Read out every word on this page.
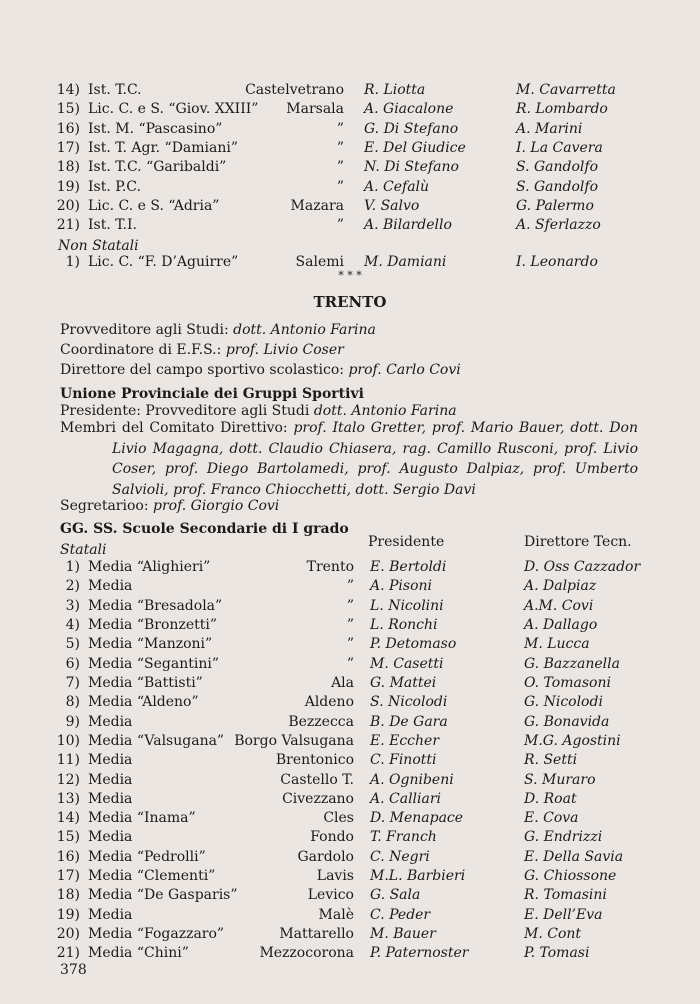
14) Ist. T.C.	Castelvetrano R. Liotta	M. Cavarretta
15) Lic. C. e S. “Giov. XXIII”	Marsala A. Giacalone	R. Lombardo
16) Ist. M. “Pascasino”	” G. Di Stefano	A. Marini
17) Ist. T. Agr. “Damiani”	” E. Del Giudice	I. La Cavera
18) Ist. T.C. “Garibaldi”	” N. Di Stefano	S. Gandolfo
19) Ist. P.C.	” A. Cefalù	S. Gandolfo
20) Lic. C. e S. “Adria”	Mazara V. Salvo	G. Palermo
21) Ist. T.I.	” A. Bilardello	A. Sferlazzo
Non Statali
1) Lic. C. “F. D’Aguirre”	Salemi M. Damiani	I. Leonardo
* * *
TRENTO
Provveditore agli Studi: dott. Antonio Farina
Coordinatore di E.F.S.: prof. Livio Coser
Direttore del campo sportivo scolastico: prof. Carlo Covi
Unione Provinciale dei Gruppi Sportivi
Presidente: Provveditore agli Studi dott. Antonio Farina
Membri del Comitato Direttivo: prof. Italo Gretter, prof. Mario Bauer, dott. Don Livio Magagna, dott. Claudio Chiasera, rag. Camillo Rusconi, prof. Livio Coser, prof. Diego Bartolamedi, prof. Augusto Dalpiaz, prof. Umberto Salvioli, prof. Franco Chiocchetti, dott. Sergio Davi
Segretarioo: prof. Giorgio Covi
GG. SS. Scuole Secondarie di I grado
Presidente	Direttore Tecn.
Statali
1) Media “Alighieri”	Trento E. Bertoldi	D. Oss Cazzador
2) Media	” A. Pisoni	A. Dalpiaz
3) Media “Bresadola”	” L. Nicolini	A.M. Covi
4) Media “Bronzetti”	” L. Ronchi	A. Dallago
5) Media “Manzoni”	” P. Detomaso	M. Lucca
6) Media “Segantini”	” M. Casetti	G. Bazzanella
7) Media “Battisti”	Ala G. Mattei	O. Tomasoni
8) Media “Aldeno”	Aldeno S. Nicolodi	G. Nicolodi
9) Media	Bezzecca B. De Gara	G. Bonavida
10) Media “Valsugana” Borgo Valsugana E. Eccher	M.G. Agostini
11) Media	Brentonico C. Finotti	R. Setti
12) Media	Castello T. A. Ognibeni	S. Muraro
13) Media	Civezzano A. Calliari	D. Roat
14) Media “Inama”	Cles D. Menapace	E. Cova
15) Media	Fondo T. Franch	G. Endrizzi
16) Media “Pedrolli”	Gardolo C. Negri	E. Della Savia
17) Media “Clementi”	Lavis M.L. Barbieri	G. Chiossone
18) Media “De Gasparis”	Levico G. Sala	R. Tomasini
19) Media	Malè C. Peder	E. Dell’Eva
20) Media “Fogazzaro”	Mattarello M. Bauer	M. Cont
21) Media “Chini”	Mezzocorona P. Paternoster	P. Tomasi
378
